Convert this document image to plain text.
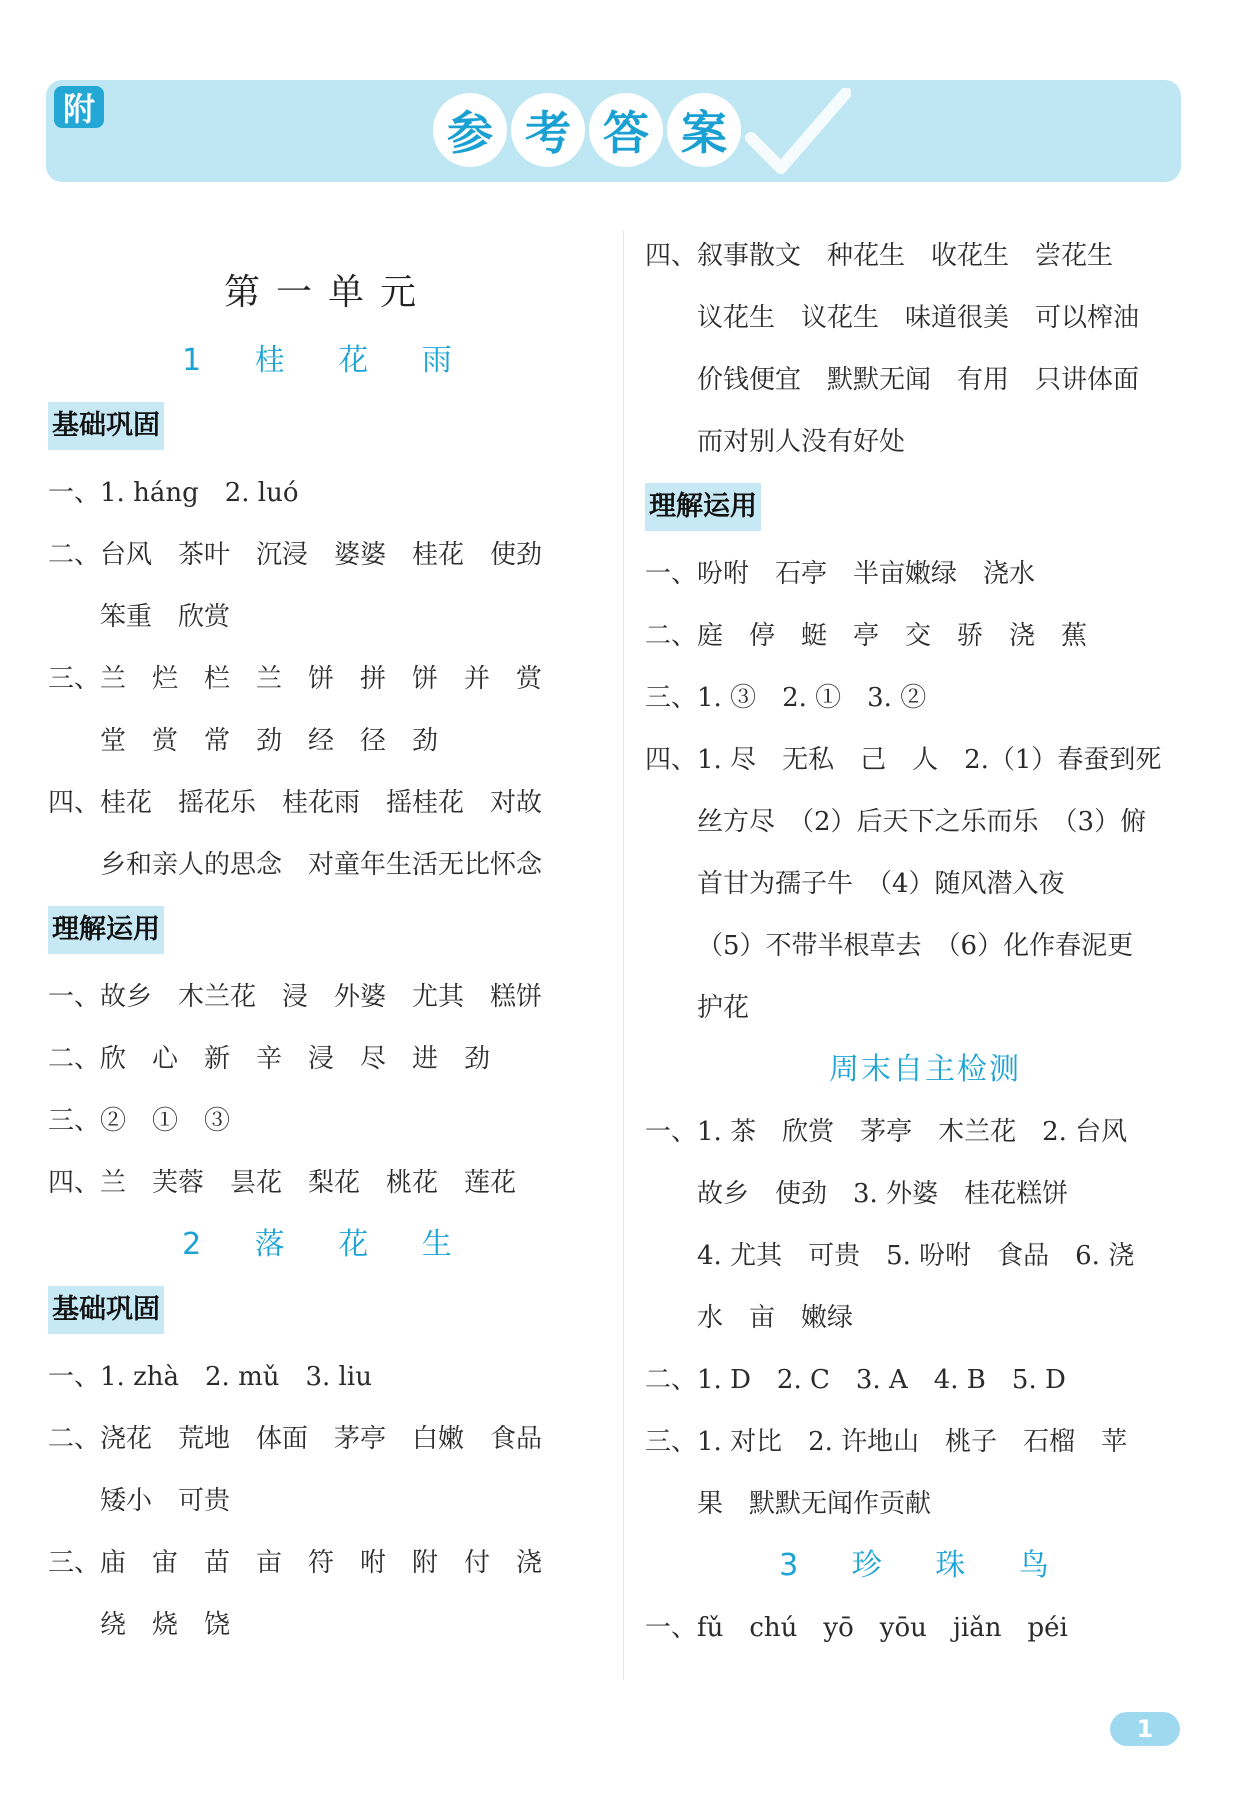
附	参 考 答 案
第一单元
1 桂 花 雨
基础巩固
一、1. háng　2. luó
二、台风　茶叶　沉浸　婆婆　桂花　使劲
笨重　欣赏
三、兰　烂　栏　兰　饼　拼　饼　并　赏
堂　赏　常　劲　经　径　劲
四、桂花　摇花乐　桂花雨　摇桂花　对故
乡和亲人的思念　对童年生活无比怀念
理解运用
一、故乡　木兰花　浸　外婆　尤其　糕饼
二、欣　心　新　辛　浸　尽　进　劲
三、②　①　③
四、兰　芙蓉　昙花　梨花　桃花　莲花
2 落 花 生
基础巩固
一、1. zhà　2. mǔ　3. liu
二、浇花　荒地　体面　茅亭　白嫩　食品
矮小　可贵
三、庙　宙　苗　亩　符　咐　附　付　浇
绕　烧　饶
四、叙事散文　种花生　收花生　尝花生
议花生　议花生　味道很美　可以榨油
价钱便宜　默默无闻　有用　只讲体面
而对别人没有好处
理解运用
一、吩咐　石亭　半亩嫩绿　浇水
二、庭　停　蜓　亭　交　骄　浇　蕉
三、1. ③　2. ①　3. ②
四、1. 尽　无私　己　人　2.（1）春蚕到死
丝方尽　（2）后天下之乐而乐　（3）俯
首甘为孺子牛　（4）随风潜入夜
（5）不带半根草去　（6）化作春泥更
护花
周末自主检测
一、1. 茶　欣赏　茅亭　木兰花　2. 台风
故乡　使劲　3. 外婆　桂花糕饼
4. 尤其　可贵　5. 吩咐　食品　6. 浇
水　亩　嫩绿
二、1. D　2. C　3. A　4. B　5. D
三、1. 对比　2. 许地山　桃子　石榴　苹
果　默默无闻作贡献
3 珍 珠 鸟
一、fǔ　chú　yō　yōu　jiǎn　péi
1
